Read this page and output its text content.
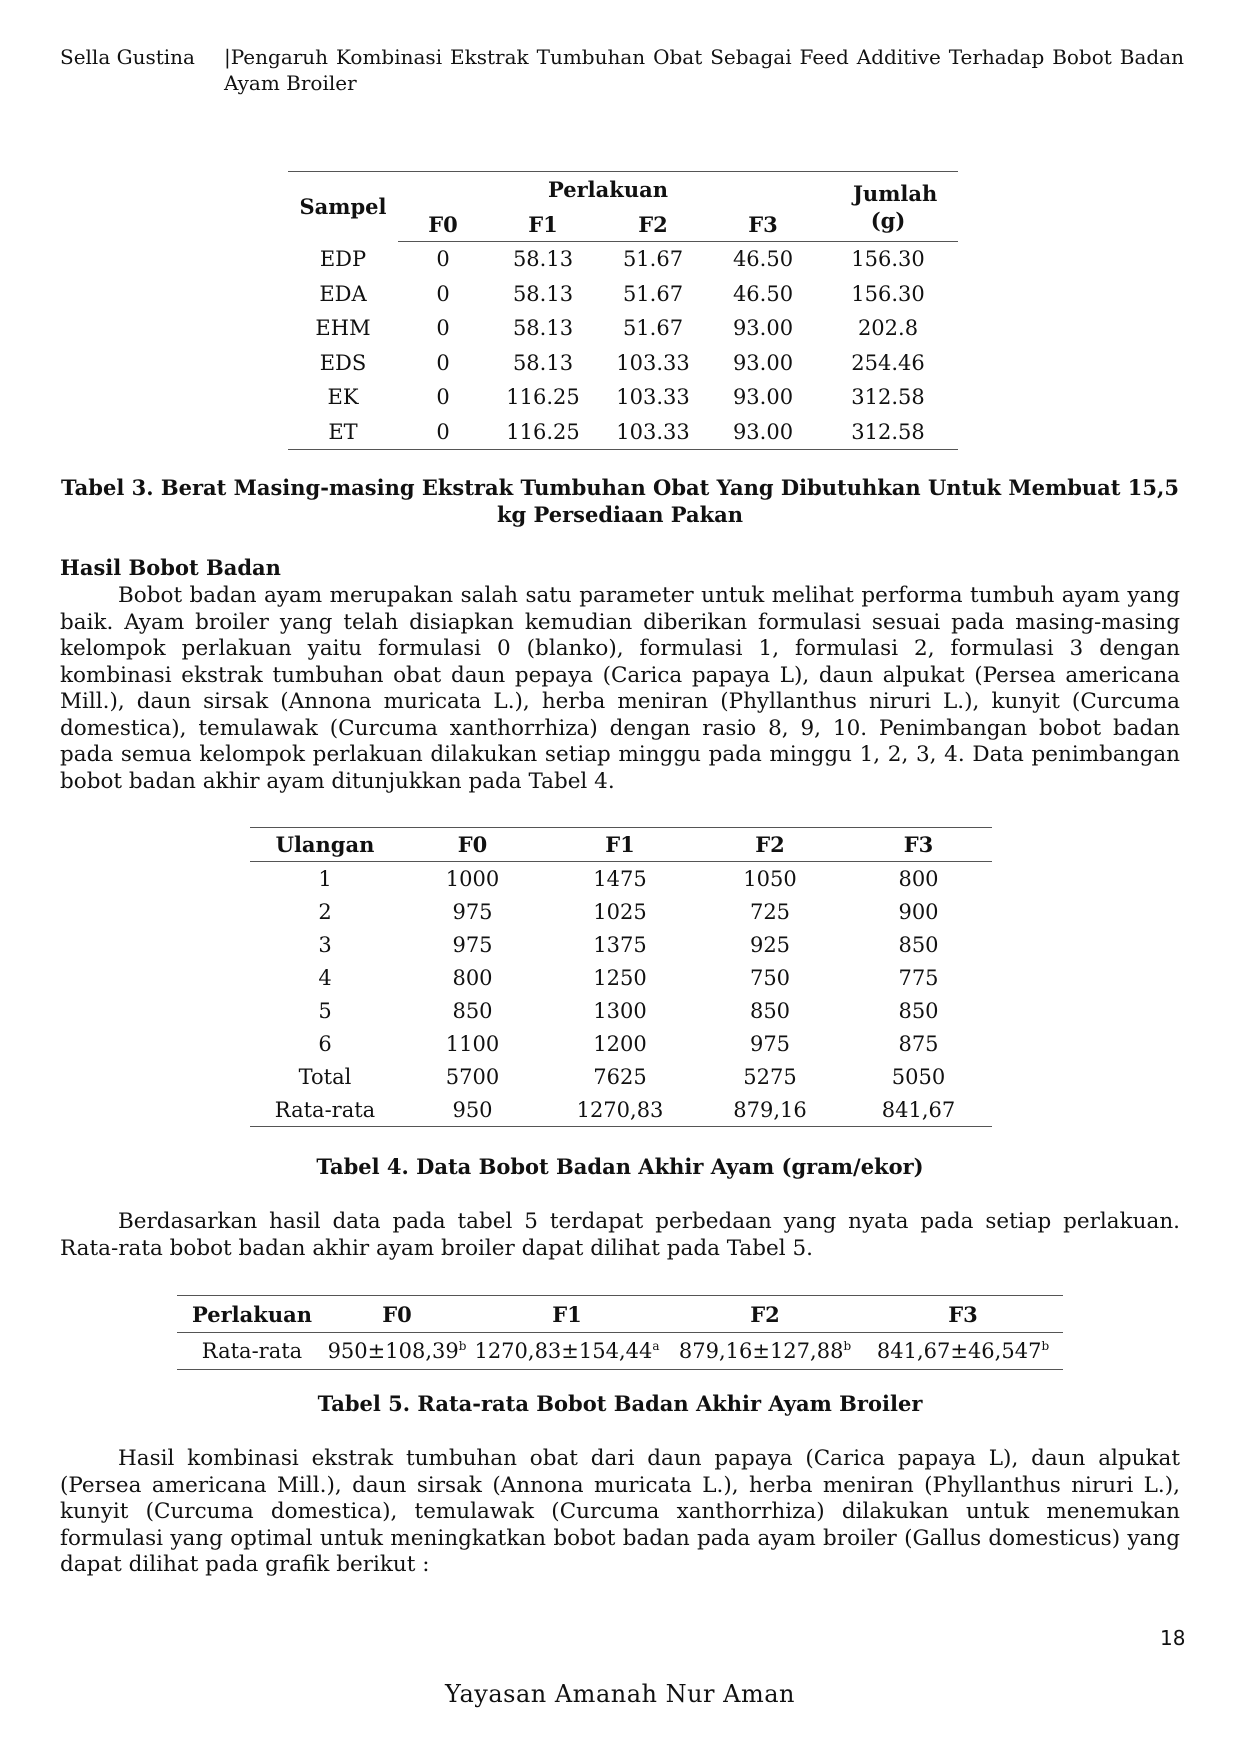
Sella Gustina |Pengaruh Kombinasi Ekstrak Tumbuhan Obat Sebagai Feed Additive Terhadap Bobot Badan Ayam Broiler
Sampel	Perlakuan				Jumlah (g)

	F0	F1	F2	F3	
EDP	0	58.13	51.67	46.50	156.30
EDA	0	58.13	51.67	46.50	156.30
EHM	0	58.13	51.67	93.00	202.8
EDS	0	58.13	103.33	93.00	254.46
EK	0	116.25	103.33	93.00	312.58
ET	0	116.25	103.33	93.00	312.58
Tabel 3. Berat Masing-masing Ekstrak Tumbuhan Obat Yang Dibutuhkan Untuk Membuat 15,5 kg Persediaan Pakan
Hasil Bobot Badan

Bobot badan ayam merupakan salah satu parameter untuk melihat performa tumbuh ayam yang baik. Ayam broiler yang telah disiapkan kemudian diberikan formulasi sesuai pada masing-masing kelompok perlakuan yaitu formulasi 0 (blanko), formulasi 1, formulasi 2, formulasi 3 dengan kombinasi ekstrak tumbuhan obat daun pepaya (Carica papaya L), daun alpukat (Persea americana Mill.), daun sirsak (Annona muricata L.), herba meniran (Phyllanthus niruri L.), kunyit (Curcuma domestica), temulawak (Curcuma xanthorrhiza) dengan rasio 8, 9, 10. Penimbangan bobot badan pada semua kelompok perlakuan dilakukan setiap minggu pada minggu 1, 2, 3, 4. Data penimbangan bobot badan akhir ayam ditunjukkan pada Tabel 4.

Ulangan	F0	F1	F2	F3
1	1000	1475	1050	800
2	975	1025	725	900
3	975	1375	925	850
4	800	1250	750	775
5	850	1300	850	850
6	1100	1200	975	875
Total	5700	7625	5275	5050
Rata-rata	950	1270,83	879,16	841,67
Tabel 4. Data Bobot Badan Akhir Ayam (gram/ekor)

Berdasarkan hasil data pada tabel 5 terdapat perbedaan yang nyata pada setiap perlakuan. Rata-rata bobot badan akhir ayam broiler dapat dilihat pada Tabel 5.

Perlakuan	F0	F1	F2	F3
Rata-rata	950±108,39$^b$	1270,83±154,44$^a$	879,16±127,88$^b$	841,67±46,547$^b$
Tabel 5. Rata-rata Bobot Badan Akhir Ayam Broiler

Hasil kombinasi ekstrak tumbuhan obat dari daun papaya (Carica papaya L), daun alpukat (Persea americana Mill.), daun sirsak (Annona muricata L.), herba meniran (Phyllanthus niruri L.), kunyit (Curcuma domestica), temulawak (Curcuma xanthorrhiza) dilakukan untuk menemukan formulasi yang optimal untuk meningkatkan bobot badan pada ayam broiler (Gallus domesticus) yang dapat dilihat pada grafik berikut :

18
Yayasan Amanah Nur Aman
